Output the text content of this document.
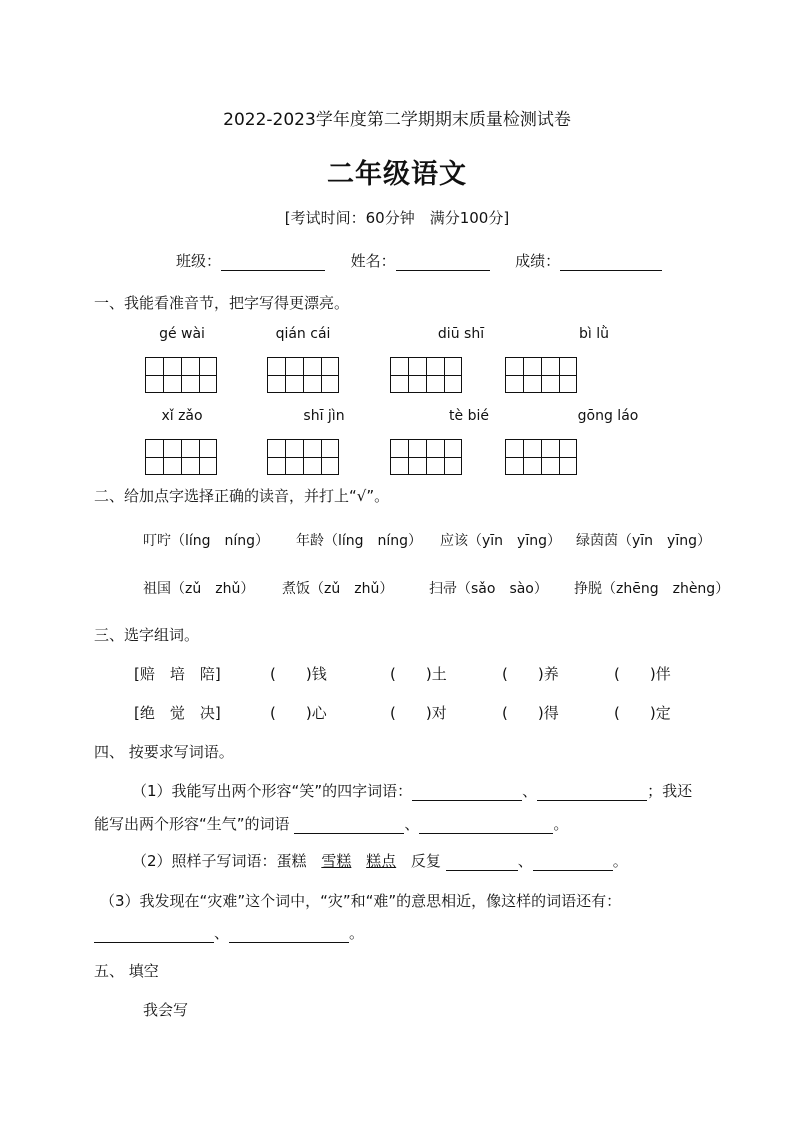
2022-2023学年度第二学期期末质量检测试卷
二年级语文
[考试时间：60分钟　满分100分]
班级：	姓名：	成绩：
一、我能看准音节，把字写得更漂亮。
gé wài	qián cái	diū shī	bì lǜ
xǐ zǎo	shī jìn	tè bié	gōng láo
二、给加点字选择正确的读音，并打上“√”。
叮咛（líng　níng） 年龄（líng　níng） 应该（yīn　yīng） 绿茵茵（yīn　yīng）
祖国（zǔ　zhǔ） 煮饭（zǔ　zhǔ）	扫帚（sǎo　sào） 挣脱（zhēng　zhèng）
三、选字组词。
[赔　培　陪]	(　　)钱	(　　)土	(　　)养	(　　)伴
[绝　觉　决]	(　　)心	(　　)对	(　　)得	(　　)定
四、 按要求写词语。
（1）我能写出两个形容“笑”的四字词语：	、	；我还
能写出两个形容“生气”的词语	、	。
（2）照样子写词语：蛋糕 雪糕 糕点 反复	、	。
（3）我发现在“灾难”这个词中，“灾”和“难”的意思相近，像这样的词语还有：
、	。
五、 填空
我会写
